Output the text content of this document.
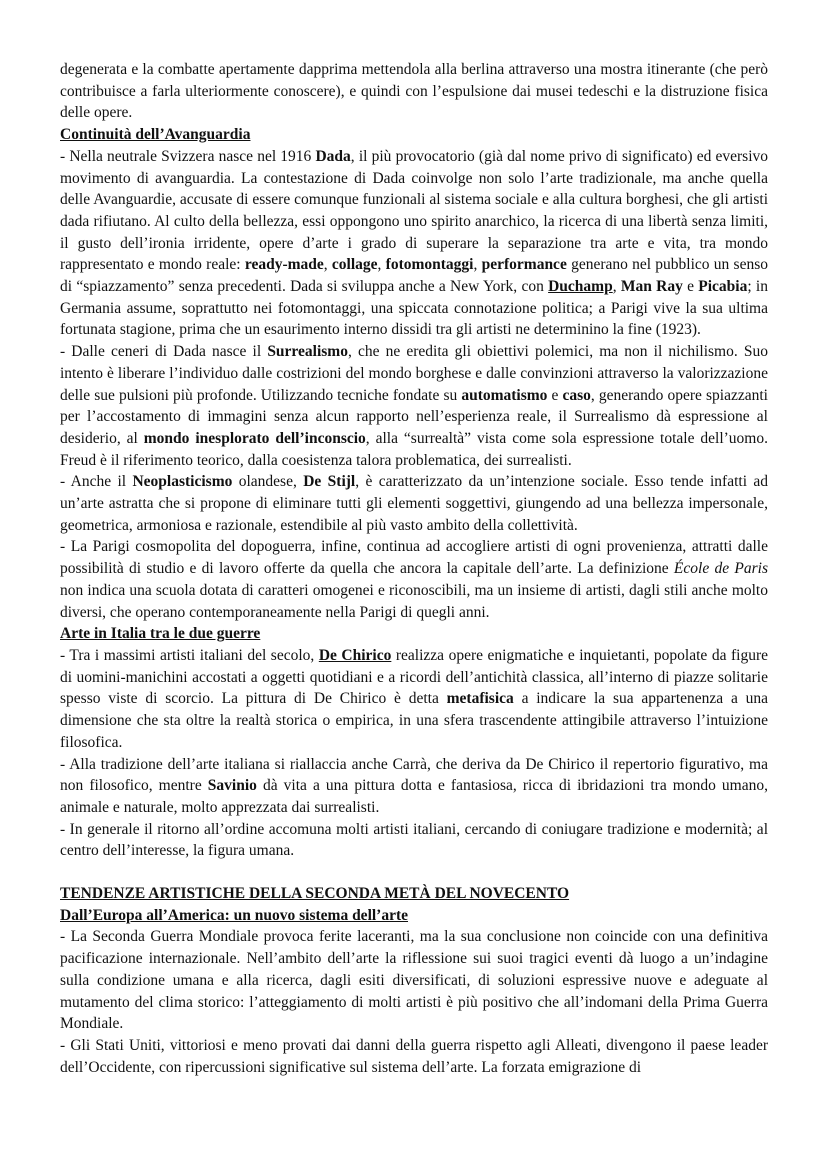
degenerata e la combatte apertamente dapprima mettendola alla berlina attraverso una mostra itinerante (che però contribuisce a farla ulteriormente conoscere), e quindi con l’espulsione dai musei tedeschi e la distruzione fisica delle opere.

Continuità dell’Avanguardia

- Nella neutrale Svizzera nasce nel 1916 Dada, il più provocatorio (già dal nome privo di significato) ed eversivo movimento di avanguardia. La contestazione di Dada coinvolge non solo l’arte tradizionale, ma anche quella delle Avanguardie, accusate di essere comunque funzionali al sistema sociale e alla cultura borghesi, che gli artisti dada rifiutano. Al culto della bellezza, essi oppongono uno spirito anarchico, la ricerca di una libertà senza limiti, il gusto dell’ironia irridente, opere d’arte i grado di superare la separazione tra arte e vita, tra mondo rappresentato e mondo reale: ready-made, collage, fotomontaggi, performance generano nel pubblico un senso di “spiazzamento” senza precedenti. Dada si sviluppa anche a New York, con Duchamp, Man Ray e Picabia; in Germania assume, soprattutto nei fotomontaggi, una spiccata connotazione politica; a Parigi vive la sua ultima fortunata stagione, prima che un esaurimento interno dissidi tra gli artisti ne determinino la fine (1923).

- Dalle ceneri di Dada nasce il Surrealismo, che ne eredita gli obiettivi polemici, ma non il nichilismo. Suo intento è liberare l’individuo dalle costrizioni del mondo borghese e dalle convinzioni attraverso la valorizzazione delle sue pulsioni più profonde. Utilizzando tecniche fondate su automatismo e caso, generando opere spiazzanti per l’accostamento di immagini senza alcun rapporto nell’esperienza reale, il Surrealismo dà espressione al desiderio, al mondo inesplorato dell’inconscio, alla “surrealtà” vista come sola espressione totale dell’uomo. Freud è il riferimento teorico, dalla coesistenza talora problematica, dei surrealisti.

- Anche il Neoplasticismo olandese, De Stijl, è caratterizzato da un’intenzione sociale. Esso tende infatti ad un’arte astratta che si propone di eliminare tutti gli elementi soggettivi, giungendo ad una bellezza impersonale, geometrica, armoniosa e razionale, estendibile al più vasto ambito della collettività.

- La Parigi cosmopolita del dopoguerra, infine, continua ad accogliere artisti di ogni provenienza, attratti dalle possibilità di studio e di lavoro offerte da quella che ancora la capitale dell’arte. La definizione École de Paris non indica una scuola dotata di caratteri omogenei e riconoscibili, ma un insieme di artisti, dagli stili anche molto diversi, che operano contemporaneamente nella Parigi di quegli anni.

Arte in Italia tra le due guerre

- Tra i massimi artisti italiani del secolo, De Chirico realizza opere enigmatiche e inquietanti, popolate da figure di uomini-manichini accostati a oggetti quotidiani e a ricordi dell’antichità classica, all’interno di piazze solitarie spesso viste di scorcio. La pittura di De Chirico è detta metafisica a indicare la sua appartenenza a una dimensione che sta oltre la realtà storica o empirica, in una sfera trascendente attingibile attraverso l’intuizione filosofica.

- Alla tradizione dell’arte italiana si riallaccia anche Carrà, che deriva da De Chirico il repertorio figurativo, ma non filosofico, mentre Savinio dà vita a una pittura dotta e fantasiosa, ricca di ibridazioni tra mondo umano, animale e naturale, molto apprezzata dai surrealisti.

- In generale il ritorno all’ordine accomuna molti artisti italiani, cercando di coniugare tradizione e modernità; al centro dell’interesse, la figura umana.

TENDENZE ARTISTICHE DELLA SECONDA METÀ DEL NOVECENTO

Dall’Europa all’America: un nuovo sistema dell’arte

- La Seconda Guerra Mondiale provoca ferite laceranti, ma la sua conclusione non coincide con una definitiva pacificazione internazionale. Nell’ambito dell’arte la riflessione sui suoi tragici eventi dà luogo a un’indagine sulla condizione umana e alla ricerca, dagli esiti diversificati, di soluzioni espressive nuove e adeguate al mutamento del clima storico: l’atteggiamento di molti artisti è più positivo che all’indomani della Prima Guerra Mondiale.

- Gli Stati Uniti, vittoriosi e meno provati dai danni della guerra rispetto agli Alleati, divengono il paese leader dell’Occidente, con ripercussioni significative sul sistema dell’arte. La forzata emigrazione di
